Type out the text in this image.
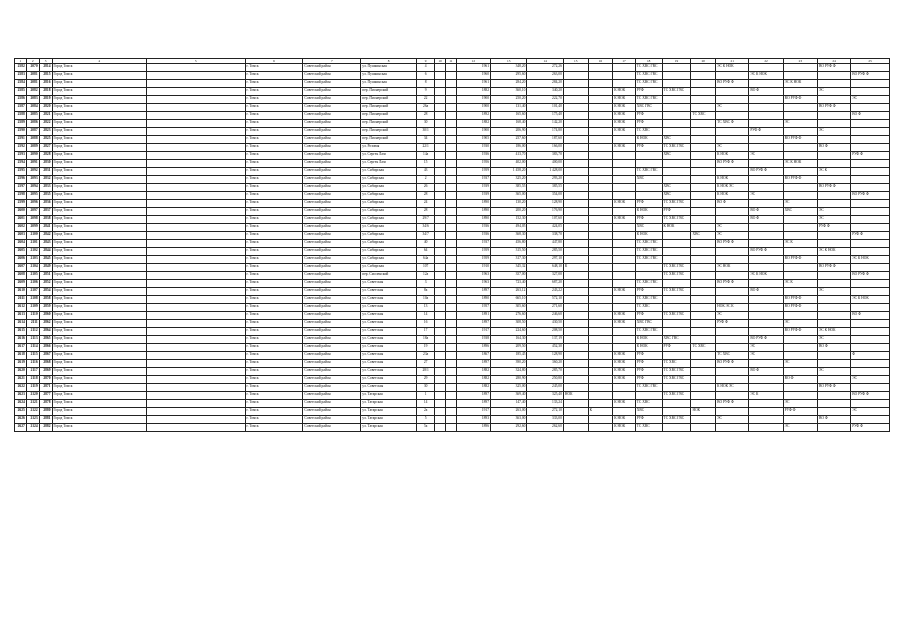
1	2	3	4	5	6	7	8	9	10	11	12	13	14	15	16	17	18	19	20	21	22	23	24	25
2582	2070	2814	Город Томск		г. Томск	Советский район	ул. Пушкинская	4			1961	348,20	272,26				ТС ХВС ГВС			ЭС К НОК			ВО РУФ Ф	
2583	2081	2815	Город Томск		г. Томск	Советский район	ул. Пушкинская	6			1960	295,60	263,00				ТС ХВС ГВС				ЭС К НОК			ВО РУФ Ф
2584	2081	2816	Город Томск		г. Томск	Советский район	ул. Пушкинская	8			1961	284,20	284,20				ТС ХВС ГВС			ВО РУФ Ф		ЭС К НОК		
2585	2082	2818	Город Томск		г. Томск	Советский район	пер. Пионерский	9			1882	360,10	340,20			К НОК	РУФ	ТС ХВС ГВС			ВО Ф		ЭС	
2586	2083	2819	Город Томск		г. Томск	Советский район	пер. Пионерский	22			1900	250,20	222,70			К НОК	ТС ХВС ГВС					ВО РУФ Ф		ЭС
2587	2084	2820	Город Томск		г. Томск	Советский район	пер. Пионерский	26а			1900	131,40	101,40			К НОК	ХВС ГВС			ЭС			ВО РУФ Ф	
2588	2085	2821	Город Томск		г. Томск	Советский район	пер. Пионерский	28			1892	165,60	175,40			К НОК	РУФ		ТС ХВС					ВО Ф
2589	2086	2822	Город Томск		г. Томск	Советский район	пер. Пионерский	30			1882	168,40	142,20			К НОК	РУФ			ТС ХВС Ф		ЭС		
2590	2087	2823	Город Томск		г. Томск	Советский район	пер. Пионерский	30/1			1900	206,90	174,80			К НОК	ТС ХВС				РУФ Ф		ЭС	
2591	2088	2825	Город Томск		г. Томск	Советский район	пер. Пионерский	34			1905	257,60	187,60				К НОК	ХВС				ВО РУФ Ф		
2592	2089	2827	Город Томск		г. Томск	Советский район	ул. Розовая	22/1			1930	186,00	166,00			К НОК	РУФ	ТС ХВС ГВС		ЭС			ВО Ф	
2593	2090	2828	Город Томск		г. Томск	Советский район	ул. Сергея Лазо	14а			1936	413,70	383,70					ХВС		К НОК	ЭС			РУФ Ф
2594	2091	2830	Город Томск		г. Томск	Советский район	ул. Сергея Лазо	15			1956	402,00	400,00							ВО РУФ Ф		ЭС К НОК		
2595	2092	2831	Город Томск		г. Томск	Советский район	ул. Сибирская	43			1959	1 458,20	1 428,00				ТС ХВС ГВС				ВО РУФ Ф		ЭС К	
2596	2093	2832	Город Томск		г. Томск	Советский район	ул. Сибирская	2			1937	325,20	293,20				ХВС			К НОК		ВО РУФ Ф		
2597	2094	2833	Город Томск		г. Томск	Советский район	ул. Сибирская	26			1939	385,55	385,55					ХВС		К НОК ЭС			ВО РУФ Ф	
2598	2095	2835	Город Томск		г. Томск	Советский район	ул. Сибирская	28			1939	365,00	354,00					ХВС		К НОК	ЭС			ВО РУФ Ф
2599	2096	2836	Город Томск		г. Томск	Советский район	ул. Сибирская	24			1890	130,20	128,90			К НОК	РУФ	ТС ХВС ГВС		ВО Ф		ЭС		
2600	2097	2837	Город Томск		г. Томск	Советский район	ул. Сибирская	28			1890	200,20	176,90				К НОК	РУФ			ВО Ф	ХВС	ЭС	
2601	2098	2838	Город Томск		г. Томск	Советский район	ул. Сибирская	29/7			1890	152,30	107,60			К НОК	РУФ	ТС ХВС ГВС			ВО Ф		ЭС	
2602	2099	2841	Город Томск		г. Томск	Советский район	ул. Сибирская	34/6			1936	494,05	424,05				ХВС	К НОК		ЭС			РУФ Ф	
2603	2100	2842	Город Томск		г. Томск	Советский район	ул. Сибирская	34/7			1936	368,30	338,70				К НОК		ХВС	ЭС				РУФ Ф
2604	2101	2843	Город Томск		г. Томск	Советский район	ул. Сибирская	40			1937	456,80	447,80				ТС ХВС ГВС			ВО РУФ Ф		ЭС К		
2605	2102	2844	Город Томск		г. Томск	Советский район	ул. Сибирская	64			1959	315,50	285,50				ТС ХВС ГВС				ВО РУФ Ф		ЭС К НОК	
2606	2103	2845	Город Томск		г. Томск	Советский район	ул. Сибирская	64а			1959	317,30	297,10				ТС ХВС ГВС					ВО РУФ Ф		ЭС К НОК
2607	2104	2849	Город Томск		г. Томск	Советский район	ул. Сибирская	107			1910	345,32	648,10	К				ТС ХВС ГВС		ЭС НОК			ВО РУФ Ф	
2608	2105	2851	Город Томск		г. Томск	Советский район	пер. Смоленский	12а			1963	357,00	327,00					ТС ХВС ГВС			ЭС К НОК			ВО РУФ Ф
2609	2106	2852	Город Томск		г. Томск	Советский район	ул. Советская	3			1963	723,40	687,20				ТС ХВС ГВС			ВО РУФ Ф		ЭС К		
2610	2107	2854	Город Томск		г. Томск	Советский район	ул. Советская	8а			1897	263,12	243,22			К НОК	РУФ	ТС ХВС ГВС			ВО Ф		ЭС	
2611	2108	2858	Город Томск		г. Томск	Советский район	ул. Советская	10а			1890	665,10	572,10				ТС ХВС ГВС					ВО РУФ Ф		ЭС К НОК
2612	2109	2859	Город Томск		г. Томск	Советский район	ул. Советская	13			1957	305,60	271,60				ТС ХВС			НОК ЭС К		ВО РУФ Ф		
2613	2110	2860	Город Томск		г. Томск	Советский район	ул. Советская	14			1891	276,60	246,60			К НОК	РУФ	ТС ХВС ГВС		ЭС				ВО Ф
2614	2111	2862	Город Томск		г. Томск	Советский район	ул. Советская	16			1897	308,50	430,50			К НОК	ХВС ГВС			РУФ Ф		ЭС		
2615	2112	2864	Город Томск		г. Томск	Советский район	ул. Советская	17			1917	224,60	208,50				ТС ХВС ГВС					ВО РУФ Ф	ЭС К НОК	
2616	2113	2865	Город Томск		г. Томск	Советский район	ул. Советская	18а			1938	164,30	137,19				К НОК	ХВС ГВС			ВО РУФ Ф		ЭС	
2617	2114	2866	Город Томск		г. Томск	Советский район	ул. Советская	19			1896	209,50	452,30				К НОК	РУФ	ТС ХВС		ЭС		ВО Ф	
2618	2115	2867	Город Томск		г. Томск	Советский район	ул. Советская	23а			1867	185,45	128,90			К НОК	РУФ			ТС ХВС	ЭС			Ф
2619	2116	2868	Город Томск		г. Томск	Советский район	ул. Советская	27			1897	390,20	360,20			К НОК	РУФ	ТС ХВС		ВО РУФ Ф		ЭС		
2620	2117	2869	Город Томск		г. Томск	Советский район	ул. Советская	28/1			1882	324,80	285,70			К НОК	РУФ	ТС ХВС ГВС			ВО Ф		ЭС	
2621	2118	2870	Город Томск		г. Томск	Советский район	ул. Советская	29			1882	280,90	250,80			К НОК	РУФ	ТС ХВС ГВС				ВО Ф		ЭС
2622	2119	2871	Город Томск		г. Томск	Советский район	ул. Советская	30			1882	325,00	245,00				ТС ХВС ГВС			К НОК ЭС			ВО РУФ Ф	
2623	2120	2877	Город Томск		г. Томск	Советский район	ул. Татарская	1			1897	369,40	325,40	НОК				ТС ХВС ГВС			ЭС К			ВО РУФ Ф
2624	2121	2878	Город Томск		г. Томск	Советский район	ул. Татарская	14			1897	147,40	133,24			К НОК	ТС ХВС			ВО РУФ Ф		ЭС		
2625	2122	2880	Город Томск		г. Томск	Советский район	ул. Татарская	2а			1917	263,00	272,10		К		ХВС		НОК			РУФ Ф		ЭС
2626	2123	2881	Город Томск		г. Томск	Советский район	ул. Татарская	5			1893	363,00	333,00			К НОК	РУФ	ТС ХВС ГВС		ЭС			ВО Ф	
2627	2124	2882	Город Томск		г. Томск	Советский район	ул. Татарская	5а			1896	292,60	262,60			К НОК	ТС ХВС					ЭС		РУФ Ф
